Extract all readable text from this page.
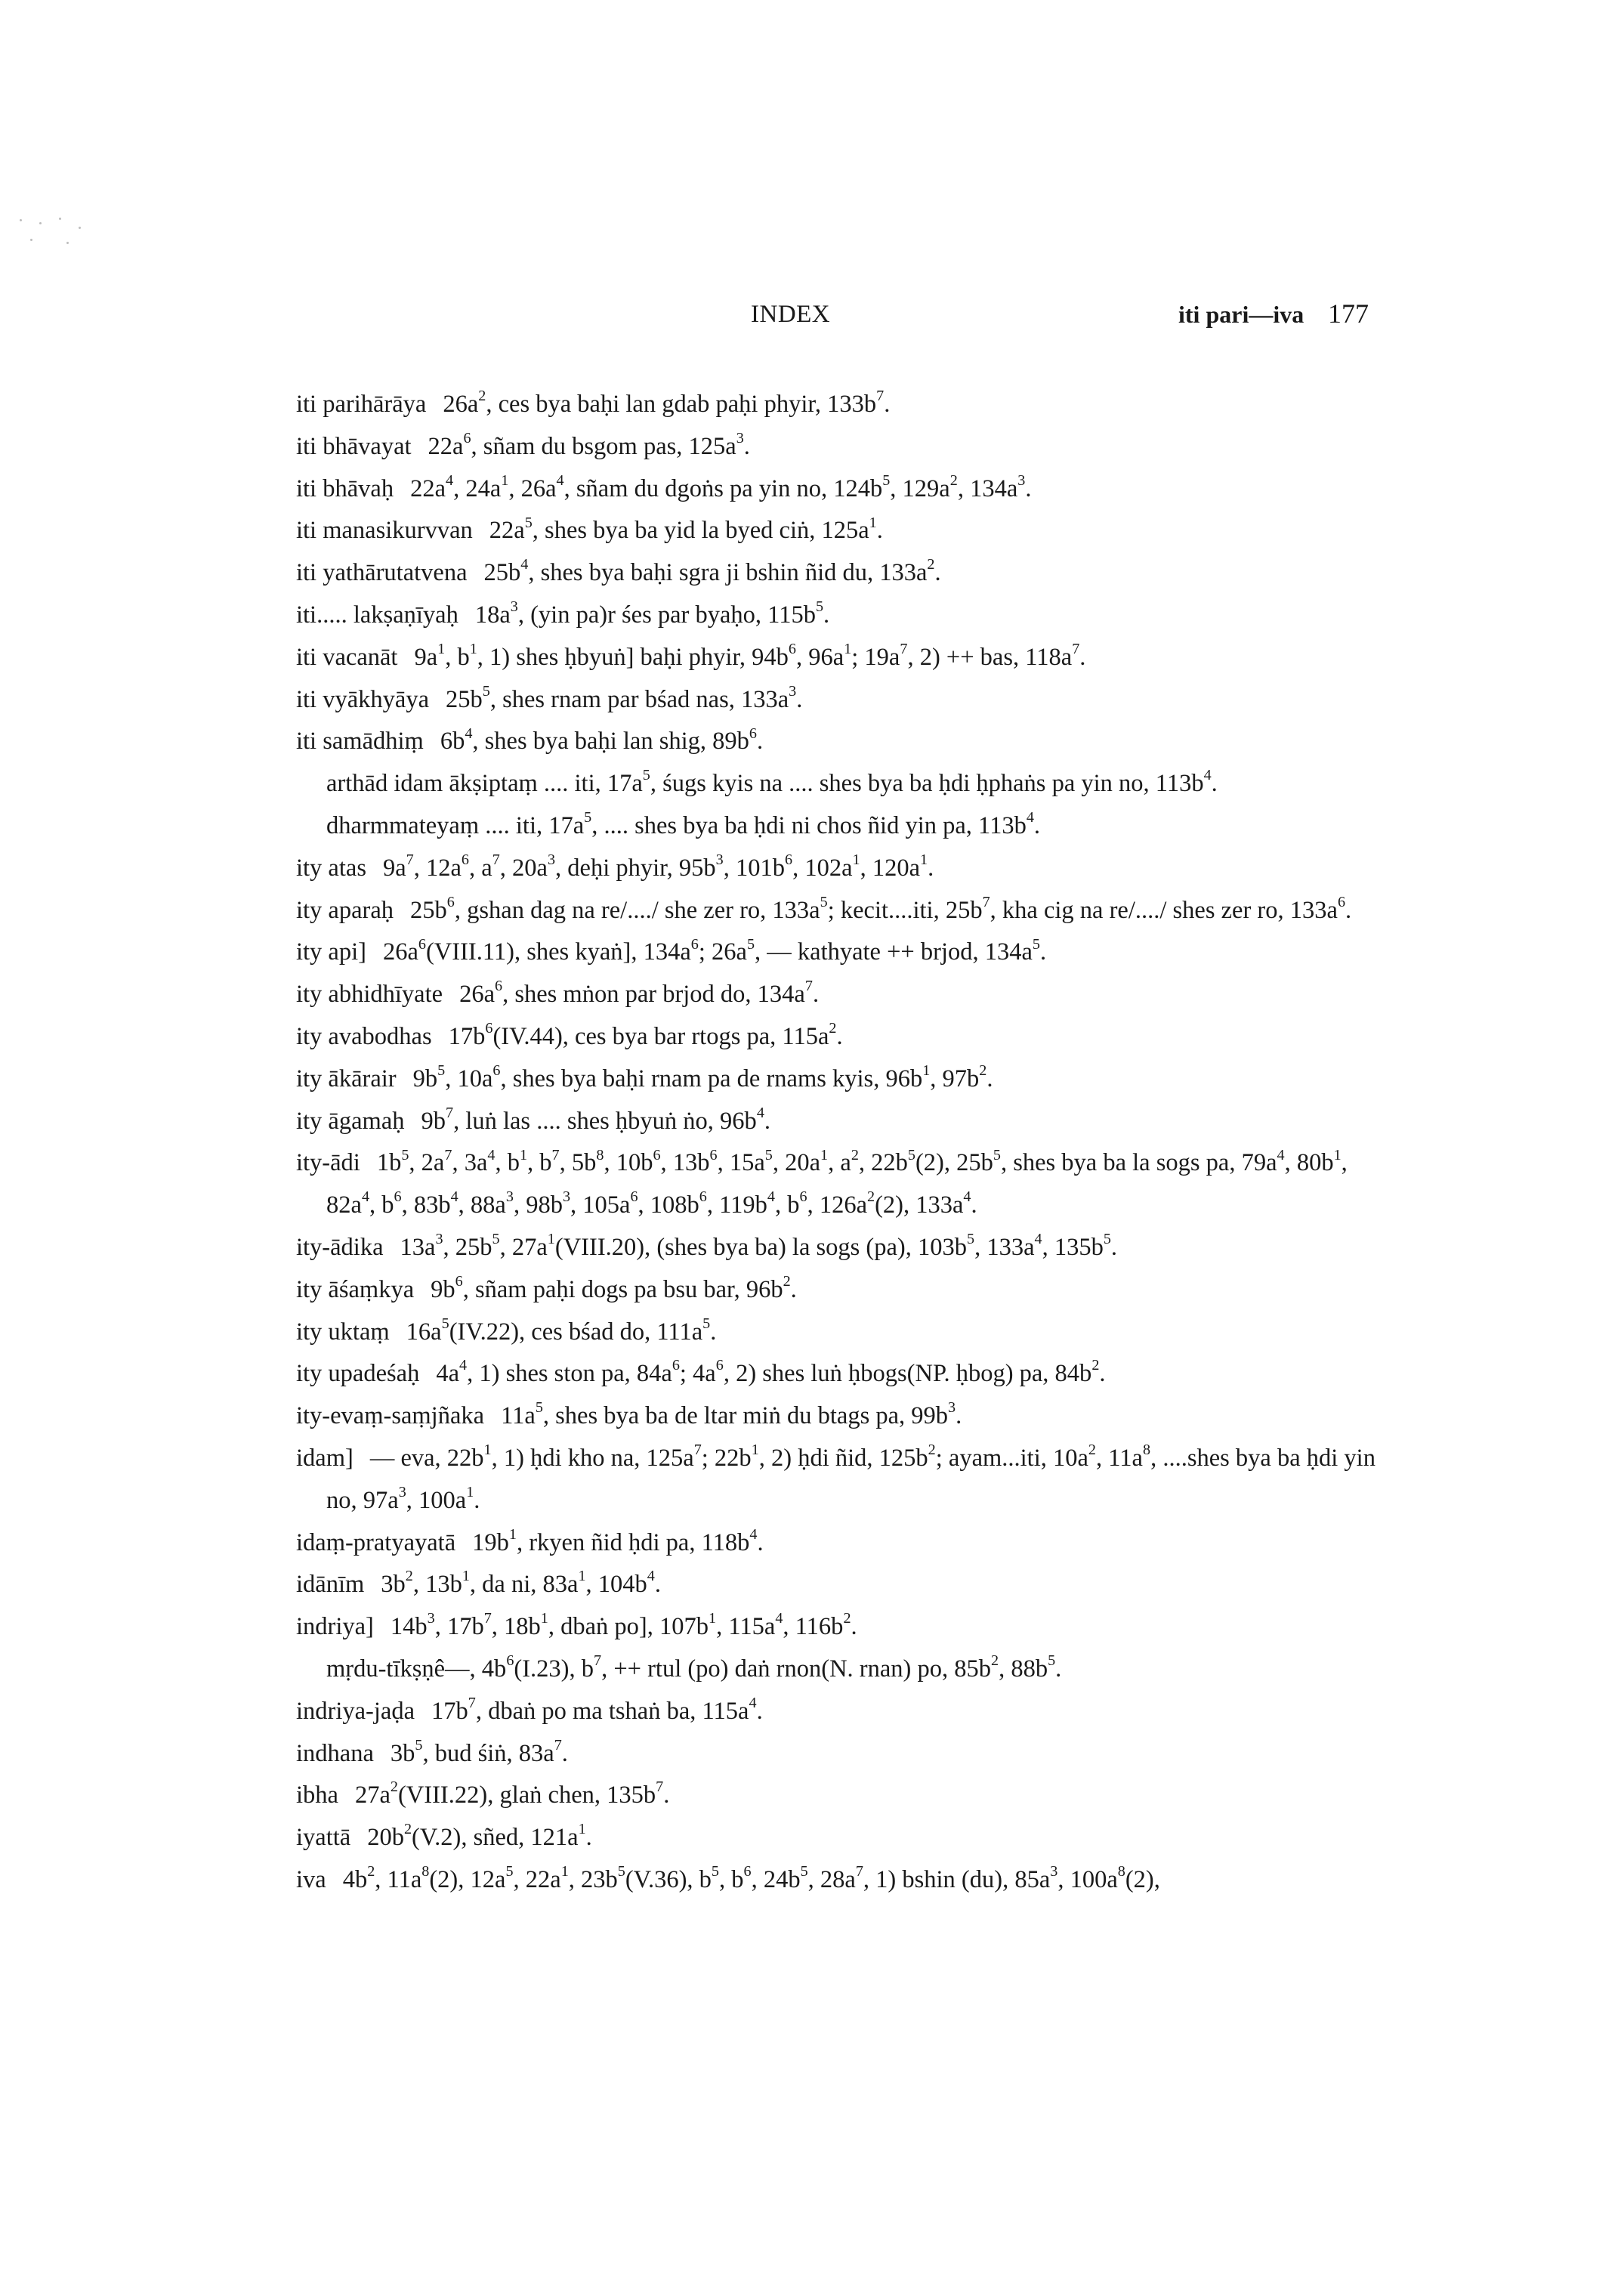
INDEX	iti pari—iva 177
iti parihārāya $26a^2$, ces bya baḥi lan gdab paḥi phyir, $133b^7$.
iti bhāvayat $22a^6$, sñam du bsgom pas, $125a^3$.
iti bhāvaḥ $22a^4$, $24a^1$, $26a^4$, sñam du dgoṅs pa yin no, $124b^5$, $129a^2$, $134a^3$.
iti manasikurvvan $22a^5$, shes bya ba yid la byed ciṅ, $125a^1$.
iti yathārutatvena $25b^4$, shes bya baḥi sgra ji bshin ñid du, $133a^2$.
iti..... lakṣaṇīyaḥ $18a^3$, (yin pa)r śes par byaḥo, $115b^5$.
iti vacanāt $9a^1$, $b^1$, 1) shes ḥbyuṅ] baḥi phyir, $94b^6$, $96a^1$; $19a^7$, 2) ++ bas, $118a^7$.
iti vyākhyāya $25b^5$, shes rnam par bśad nas, $133a^3$.
iti samādhiṃ $6b^4$, shes bya baḥi lan shig, $89b^6$.
arthād idam ākṣiptaṃ .... iti, $17a^5$, śugs kyis na .... shes bya ba ḥdi ḥphaṅs pa yin no, $113b^4$.
dharmmateyaṃ .... iti, $17a^5$, .... shes bya ba ḥdi ni chos ñid yin pa, $113b^4$.
ity atas $9a^7$, $12a^6$, $a^7$, $20a^3$, deḥi phyir, $95b^3$, $101b^6$, $102a^1$, $120a^1$.
ity aparaḥ $25b^6$, gshan dag na re/..../ she zer ro, $133a^5$; kecit....iti, $25b^7$, kha cig na re/..../ shes zer ro, $133a^6$.
ity api] $26a^6(VIII.11)$, shes kyaṅ], $134a^6$; $26a^5$, — kathyate ++ brjod, $134a^5$.
ity abhidhīyate $26a^6$, shes mṅon par brjod do, $134a^7$.
ity avabodhas $17b^6(IV.44)$, ces bya bar rtogs pa, $115a^2$.
ity ākārair $9b^5$, $10a^6$, shes bya baḥi rnam pa de rnams kyis, $96b^1$, $97b^2$.
ity āgamaḥ $9b^7$, luṅ las .... shes ḥbyuṅ ṅo, $96b^4$.
ity-ādi $1b^5$, $2a^7$, $3a^4$, $b^1$, $b^7$, $5b^8$, $10b^6$, $13b^6$, $15a^5$, $20a^1$, $a^2$, $22b^5(2)$, $25b^5$, shes bya ba la sogs pa, $79a^4$, $80b^1$, $82a^4$, $b^6$, $83b^4$, $88a^3$, $98b^3$, $105a^6$, $108b^6$, $119b^4$, $b^6$, $126a^2(2)$, $133a^4$.
ity-ādika $13a^3$, $25b^5$, $27a^1(VIII.20)$, (shes bya ba) la sogs (pa), $103b^5$, $133a^4$, $135b^5$.
ity āśaṃkya $9b^6$, sñam paḥi dogs pa bsu bar, $96b^2$.
ity uktaṃ $16a^5(IV.22)$, ces bśad do, $111a^5$.
ity upadeśaḥ $4a^4$, 1) shes ston pa, $84a^6$; $4a^6$, 2) shes luṅ ḥbogs(NP. ḥbog) pa, $84b^2$.
ity-evaṃ-saṃjñaka $11a^5$, shes bya ba de ltar miṅ du btags pa, $99b^3$.
idam] — eva, $22b^1$, 1) ḥdi kho na, $125a^7$; $22b^1$, 2) ḥdi ñid, $125b^2$; ayam...iti, $10a^2$, $11a^8$, ....shes bya ba ḥdi yin no, $97a^3$, $100a^1$.
idaṃ-pratyayatā $19b^1$, rkyen ñid ḥdi pa, $118b^4$.
idānīm $3b^2$, $13b^1$, da ni, $83a^1$, $104b^4$.
indriya] $14b^3$, $17b^7$, $18b^1$, dbaṅ po], $107b^1$, $115a^4$, $116b^2$.
mṛdu-tīkṣṇê—, $4b^6(I.23)$, $b^7$, ++ rtul (po) daṅ rnon(N. rnan) po, $85b^2$, $88b^5$.
indriya-jaḍa $17b^7$, dbaṅ po ma tshaṅ ba, $115a^4$.
indhana $3b^5$, bud śiṅ, $83a^7$.
ibha $27a^2(VIII.22)$, glaṅ chen, $135b^7$.
iyattā $20b^2(V.2)$, sñed, $121a^1$.
iva $4b^2$, $11a^8(2)$, $12a^5$, $22a^1$, $23b^5(V.36)$, $b^5$, $b^6$, $24b^5$, $28a^7$, 1) bshin (du), $85a^3$, $100a^8(2)$,
